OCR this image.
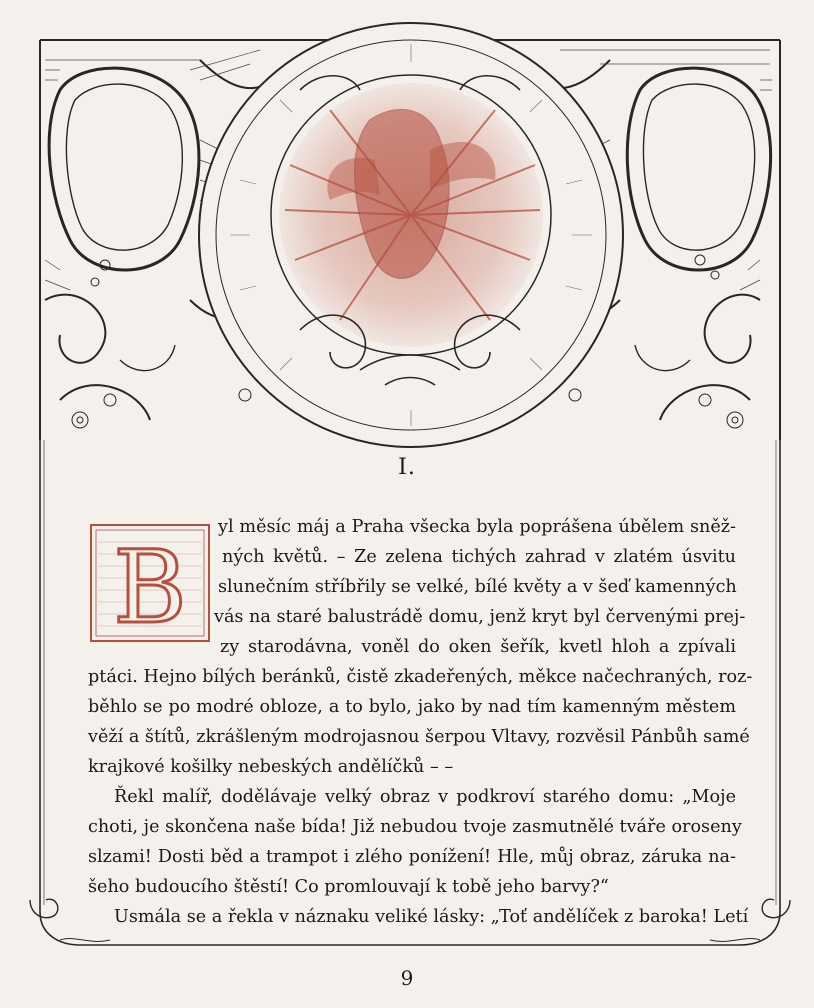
I.
B
yl měsíc máj a Praha všecka byla poprášena úbělem sněž-
ných květů. – Ze zelena tichých zahrad v zlatém úsvitu
slunečním stříbřily se velké, bílé květy a v šeď kamenných
vás na staré balustrádě domu, jenž kryt byl červenými prej-
zy starodávna, voněl do oken šeřík, kvetl hloh a zpívali
ptáci. Hejno bílých beránků, čistě zkadeřených, měkce načechraných, roz-
běhlo se po modré obloze, a to bylo, jako by nad tím kamenným městem
věží a štítů, zkrášleným modrojasnou šerpou Vltavy, rozvěsil Pánbůh samé
krajkové košilky nebeských andělíčků – –
Řekl malíř, dodělávaje velký obraz v podkroví starého domu: „Moje
choti, je skončena naše bída! Již nebudou tvoje zasmutnělé tváře oroseny
slzami! Dosti běd a trampot i zlého ponížení! Hle, můj obraz, záruka na-
šeho budoucího štěstí! Co promlouvají k tobě jeho barvy?“
Usmála se a řekla v náznaku veliké lásky: „Toť andělíček z baroka! Letí
9
